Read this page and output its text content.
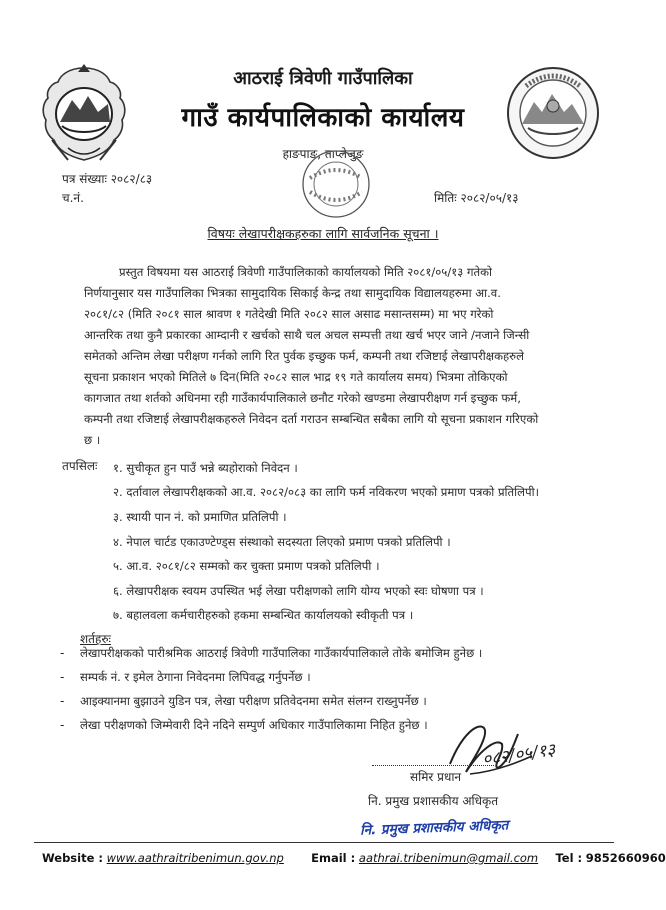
आठराई त्रिवेणी गाउँपालिका
गाउँ कार्यपालिकाको कार्यालय
हाङपाङ, ताप्लेजुङ
पत्र संख्याः २०८२/८३
च.नं.	मितिः २०८२/०५/१३
विषयः लेखापरीक्षकहरुका लागि सार्वजनिक सूचना ।
प्रस्तुत विषयमा यस आठराई त्रिवेणी गाउँपालिकाको कार्यालयको मिति २०८१/०५/१३ गतेको
निर्णयानुसार यस गाउँपालिका भित्रका सामुदायिक सिकाई केन्द्र तथा सामुदायिक विद्यालयहरुमा आ.व.
२०८१/८२ (मिति २०८१ साल श्रावण १ गतेदेखी मिति २०८२ साल असाढ मसान्तसम्म) मा भए गरेको
आन्तरिक तथा कुनै प्रकारका आम्दानी र खर्चको साथै चल अचल सम्पत्ती तथा खर्च भएर जाने /नजाने जिन्सी
समेतको अन्तिम लेखा परीक्षण गर्नको लागि रित पुर्वक इच्छुक फर्म, कम्पनी तथा रजिष्टाई लेखापरीक्षकहरुले
सूचना प्रकाशन भएको मितिले ७ दिन(मिति २०८२ साल भाद्र १९ गते कार्यालय समय) भित्रमा तोकिएको
कागजात तथा शर्तको अधिनमा रही गाउँकार्यपालिकाले छनौट गरेको खण्डमा लेखापरीक्षण गर्न इच्छुक फर्म,
कम्पनी तथा रजिष्टाई लेखापरीक्षकहरुले निवेदन दर्ता गराउन सम्बन्धित सबैका लागि यो सूचना प्रकाशन गरिएको
छ ।
तपसिलः १. सुचीकृत हुन पाउँ भन्ने ब्यहोराको निवेदन ।
२. दर्तावाल लेखापरीक्षकको आ.व. २०८२/०८३ का लागि फर्म नविकरण भएको प्रमाण पत्रको प्रतिलिपी।
३. स्थायी पान नं. को प्रमाणित प्रतिलिपी ।
४. नेपाल चार्टड एकाउण्टेण्ड्स संस्थाको सदस्यता लिएको प्रमाण पत्रको प्रतिलिपी ।
५. आ.व. २०८१/८२ सम्मको कर चुक्ता प्रमाण पत्रको प्रतिलिपी ।
६. लेखापरीक्षक स्वयम उपस्थित भई लेखा परीक्षणको लागि योग्य भएको स्वः घोषणा पत्र ।
७. बहालवला कर्मचारीहरुको हकमा सम्बन्धित कार्यालयको स्वीकृती पत्र ।
शर्तहरुः
- लेखापरीक्षकको पारीश्रमिक आठराई त्रिवेणी गाउँपालिका गाउँकार्यपालिकाले तोके बमोजिम हुनेछ ।
- सम्पर्क नं. र इमेल ठेगाना निवेदनमा लिपिवद्ध गर्नुपर्नेछ ।
- आइक्यानमा बुझाउने युडिन पत्र, लेखा परीक्षण प्रतिवेदनमा समेत संलग्न राख्नुपर्नेछ ।
- लेखा परीक्षणको जिम्मेवारी दिने नदिने सम्पुर्ण अधिकार गाउँपालिकामा निहित हुनेछ ।
०८२/०५/१३
समिर प्रधान
नि. प्रमुख प्रशासकीय अधिकृत
नि. प्रमुख प्रशासकीय अधिकृत
Website : www.aathraitribenimun.gov.np Email : aathrai.tribenimun@gmail.com Tel : 9852660960
